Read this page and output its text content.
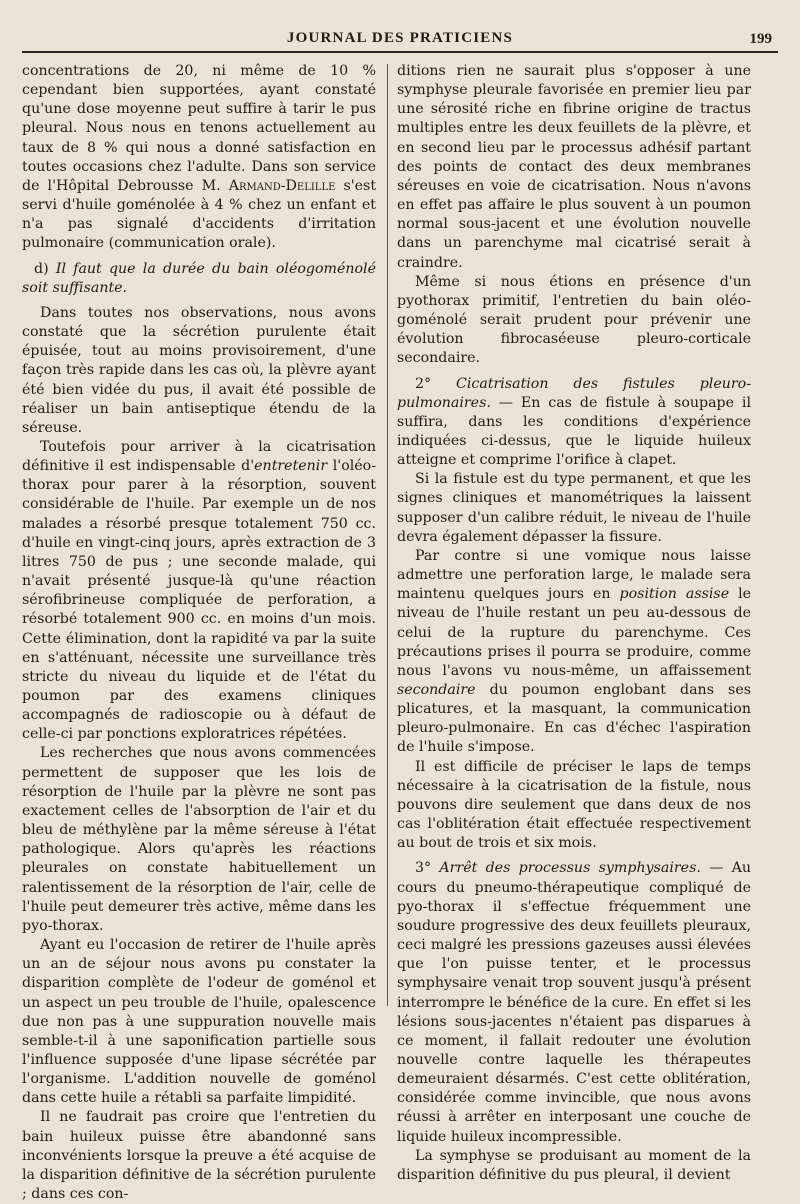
JOURNAL DES PRATICIENS	199

concentrations de 20, ni même de 10 % cependant bien supportées, ayant constaté qu'une dose moyenne peut suffire à tarir le pus pleural. Nous nous en tenons actuellement au taux de 8 % qui nous a donné satisfaction en toutes occasions chez l'adulte. Dans son service de l'Hôpital Debrousse M. Armand-Delille s'est servi d'huile goménolée à 4 % chez un enfant et n'a pas signalé d'accidents d'irritation pulmonaire (communication orale).

d) Il faut que la durée du bain oléogoménolé soit suffisante.

Dans toutes nos observations, nous avons constaté que la sécrétion purulente était épuisée, tout au moins provisoirement, d'une façon très rapide dans les cas où, la plèvre ayant été bien vidée du pus, il avait été possible de réaliser un bain antiseptique étendu de la séreuse.

Toutefois pour arriver à la cicatrisation définitive il est indispensable d'entretenir l'oléo-thorax pour parer à la résorption, souvent considérable de l'huile. Par exemple un de nos malades a résorbé presque totalement 750 cc. d'huile en vingt-cinq jours, après extraction de 3 litres 750 de pus ; une seconde malade, qui n'avait présenté jusque-là qu'une réaction sérofibrineuse compliquée de perforation, a résorbé totalement 900 cc. en moins d'un mois. Cette élimination, dont la rapidité va par la suite en s'atténuant, nécessite une surveillance très stricte du niveau du liquide et de l'état du poumon par des examens cliniques accompagnés de radioscopie ou à défaut de celle-ci par ponctions exploratrices répétées.

Les recherches que nous avons commencées permettent de supposer que les lois de résorption de l'huile par la plèvre ne sont pas exactement celles de l'absorption de l'air et du bleu de méthylène par la même séreuse à l'état pathologique. Alors qu'après les réactions pleurales on constate habituellement un ralentissement de la résorption de l'air, celle de l'huile peut demeurer très active, même dans les pyo-thorax.

Ayant eu l'occasion de retirer de l'huile après un an de séjour nous avons pu constater la disparition complète de l'odeur de goménol et un aspect un peu trouble de l'huile, opalescence due non pas à une suppuration nouvelle mais semble-t-il à une saponification partielle sous l'influence supposée d'une lipase sécrétée par l'organisme. L'addition nouvelle de goménol dans cette huile a rétabli sa parfaite limpidité.

Il ne faudrait pas croire que l'entretien du bain huileux puisse être abandonné sans inconvénients lorsque la preuve a été acquise de la disparition définitive de la sécrétion purulente ; dans ces con-

ditions rien ne saurait plus s'opposer à une symphyse pleurale favorisée en premier lieu par une sérosité riche en fibrine origine de tractus multiples entre les deux feuillets de la plèvre, et en second lieu par le processus adhésif partant des points de contact des deux membranes séreuses en voie de cicatrisation. Nous n'avons en effet pas affaire le plus souvent à un poumon normal sous-jacent et une évolution nouvelle dans un parenchyme mal cicatrisé serait à craindre.

Même si nous étions en présence d'un pyothorax primitif, l'entretien du bain oléo-goménolé serait prudent pour prévenir une évolution fibrocaséeuse pleuro-corticale secondaire.

2° Cicatrisation des fistules pleuro-pulmonaires. — En cas de fistule à soupape il suffira, dans les conditions d'expérience indiquées ci-dessus, que le liquide huileux atteigne et comprime l'orifice à clapet.

Si la fistule est du type permanent, et que les signes cliniques et manométriques la laissent supposer d'un calibre réduit, le niveau de l'huile devra également dépasser la fissure.

Par contre si une vomique nous laisse admettre une perforation large, le malade sera maintenu quelques jours en position assise le niveau de l'huile restant un peu au-dessous de celui de la rupture du parenchyme. Ces précautions prises il pourra se produire, comme nous l'avons vu nous-même, un affaissement secondaire du poumon englobant dans ses plicatures, et la masquant, la communication pleuro-pulmonaire. En cas d'échec l'aspiration de l'huile s'impose.

Il est difficile de préciser le laps de temps nécessaire à la cicatrisation de la fistule, nous pouvons dire seulement que dans deux de nos cas l'oblitération était effectuée respectivement au bout de trois et six mois.

3° Arrêt des processus symphysaires. — Au cours du pneumo-thérapeutique compliqué de pyo-thorax il s'effectue fréquemment une soudure progressive des deux feuillets pleuraux, ceci malgré les pressions gazeuses aussi élevées que l'on puisse tenter, et le processus symphysaire venait trop souvent jusqu'à présent interrompre le bénéfice de la cure. En effet si les lésions sous-jacentes n'étaient pas disparues à ce moment, il fallait redouter une évolution nouvelle contre laquelle les thérapeutes demeuraient désarmés. C'est cette oblitération, considérée comme invincible, que nous avons réussi à arrêter en interposant une couche de liquide huileux incompressible.

La symphyse se produisant au moment de la disparition définitive du pus pleural, il devient
